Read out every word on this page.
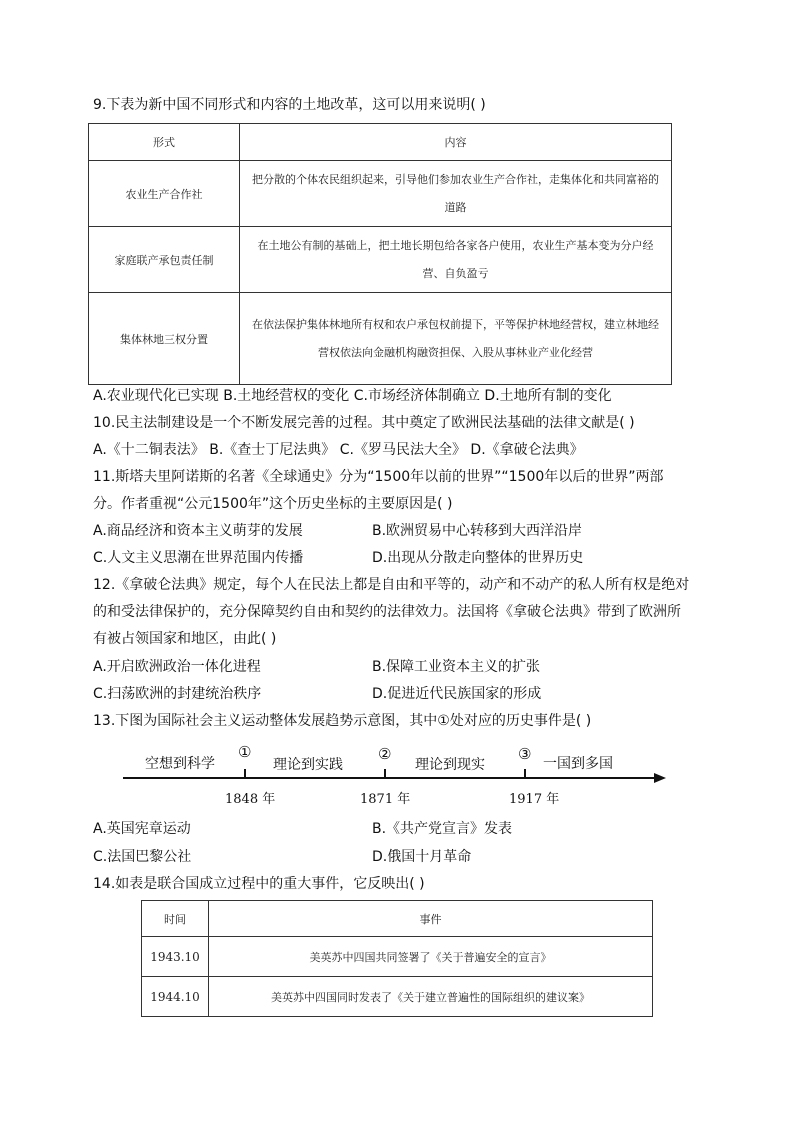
9.下表为新中国不同形式和内容的土地改革，这可以用来说明( )
形式	内容
农业生产合作社	把分散的个体农民组织起来，引导他们参加农业生产合作社，走集体化和共同富裕的道路
家庭联产承包责任制	在土地公有制的基础上，把土地长期包给各家各户使用，农业生产基本变为分户经营、自负盈亏
集体林地三权分置	在依法保护集体林地所有权和农户承包权前提下，平等保护林地经营权，建立林地经营权依法向金融机构融资担保、入股从事林业产业化经营
A.农业现代化已实现 B.土地经营权的变化 C.市场经济体制确立 D.土地所有制的变化
10.民主法制建设是一个不断发展完善的过程。其中奠定了欧洲民法基础的法律文献是( )
A.《十二铜表法》 B.《查士丁尼法典》 C.《罗马民法大全》 D.《拿破仑法典》
11.斯塔夫里阿诺斯的名著《全球通史》分为“1500年以前的世界”“1500年以后的世界”两部
分。作者重视“公元1500年”这个历史坐标的主要原因是( )
A.商品经济和资本主义萌芽的发展	B.欧洲贸易中心转移到大西洋沿岸
C.人文主义思潮在世界范围内传播	D.出现从分散走向整体的世界历史
12.《拿破仑法典》规定，每个人在民法上都是自由和平等的，动产和不动产的私人所有权是绝对
的和受法律保护的，充分保障契约自由和契约的法律效力。法国将《拿破仑法典》带到了欧洲所
有被占领国家和地区，由此( )
A.开启欧洲政治一体化进程	B.保障工业资本主义的扩张
C.扫荡欧洲的封建统治秩序	D.促进近代民族国家的形成
13.下图为国际社会主义运动整体发展趋势示意图，其中①处对应的历史事件是( )
空想到科学	理论到实践	理论到现实	一国到多国
①	②	③
1848 年	1871 年	1917 年
A.英国宪章运动	B.《共产党宣言》发表
C.法国巴黎公社	D.俄国十月革命
14.如表是联合国成立过程中的重大事件，它反映出( )
时间	事件
1943.10	美英苏中四国共同签署了《关于普遍安全的宣言》
1944.10	美英苏中四国同时发表了《关于建立普遍性的国际组织的建议案》
